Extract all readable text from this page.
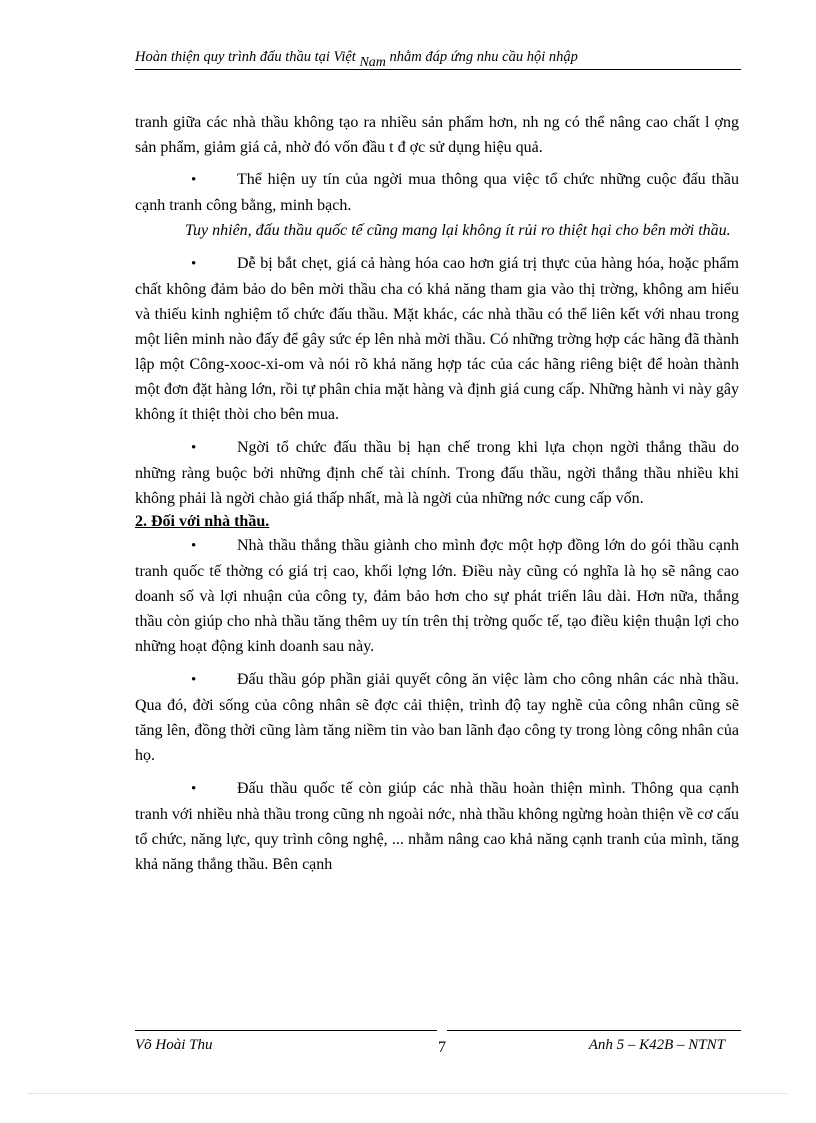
Hoàn thiện quy trình đấu thầu tại Việt Nam nhằm đáp ứng nhu cầu hội nhập

tranh giữa các nhà thầu không tạo ra nhiều sản phẩm hơn, nh ng có thể nâng cao chất l ợng sản phẩm, giảm giá cả, nhờ đó vốn đầu t đ ợc sử dụng hiệu quả.

•	Thể hiện uy tín của ngời mua thông qua việc tổ chức những cuộc đấu thầu cạnh tranh công bằng, minh bạch.

Tuy nhiên, đấu thầu quốc tế cũng mang lại không ít rủi ro thiệt hại cho bên mời thầu.

•	Dễ bị bắt chẹt, giá cả hàng hóa cao hơn giá trị thực của hàng hóa, hoặc phẩm chất không đảm bảo do bên mời thầu cha có khả năng tham gia vào thị trờng, không am hiểu và thiếu kinh nghiệm tổ chức đấu thầu. Mặt khác, các nhà thầu có thể liên kết với nhau trong một liên minh nào đấy để gây sức ép lên nhà mời thầu. Có những trờng hợp các hãng đã thành lập một Công-xooc-xi-om và nói rõ khả năng hợp tác của các hãng riêng biệt để hoàn thành một đơn đặt hàng lớn, rồi tự phân chia mặt hàng và định giá cung cấp. Những hành vi này gây không ít thiệt thòi cho bên mua.

•	Ngời tổ chức đấu thầu bị hạn chế trong khi lựa chọn ngời thắng thầu do những ràng buộc bởi những định chế tài chính. Trong đấu thầu, ngời thắng thầu nhiều khi không phải là ngời chào giá thấp nhất, mà là ngời của những nớc cung cấp vốn.

2. Đối với nhà thầu.

•	Nhà thầu thắng thầu giành cho mình đợc một hợp đồng lớn do gói thầu cạnh tranh quốc tế thờng có giá trị cao, khối lợng lớn. Điều này cũng có nghĩa là họ sẽ nâng cao doanh số và lợi nhuận của công ty, đảm bảo hơn cho sự phát triển lâu dài. Hơn nữa, thắng thầu còn giúp cho nhà thầu tăng thêm uy tín trên thị trờng quốc tế, tạo điều kiện thuận lợi cho những hoạt động kinh doanh sau này.

•	Đấu thầu góp phần giải quyết công ăn việc làm cho công nhân các nhà thầu. Qua đó, đời sống của công nhân sẽ đợc cải thiện, trình độ tay nghề của công nhân cũng sẽ tăng lên, đồng thời cũng làm tăng niềm tin vào ban lãnh đạo công ty trong lòng công nhân của họ.

•	Đấu thầu quốc tế còn giúp các nhà thầu hoàn thiện mình. Thông qua cạnh tranh với nhiều nhà thầu trong cũng nh ngoài nớc, nhà thầu không ngừng hoàn thiện về cơ cấu tổ chức, năng lực, quy trình công nghệ, ... nhằm nâng cao khả năng cạnh tranh của mình, tăng khả năng thắng thầu. Bên cạnh

Võ Hoài Thu	7	Anh 5 – K42B – NTNT
